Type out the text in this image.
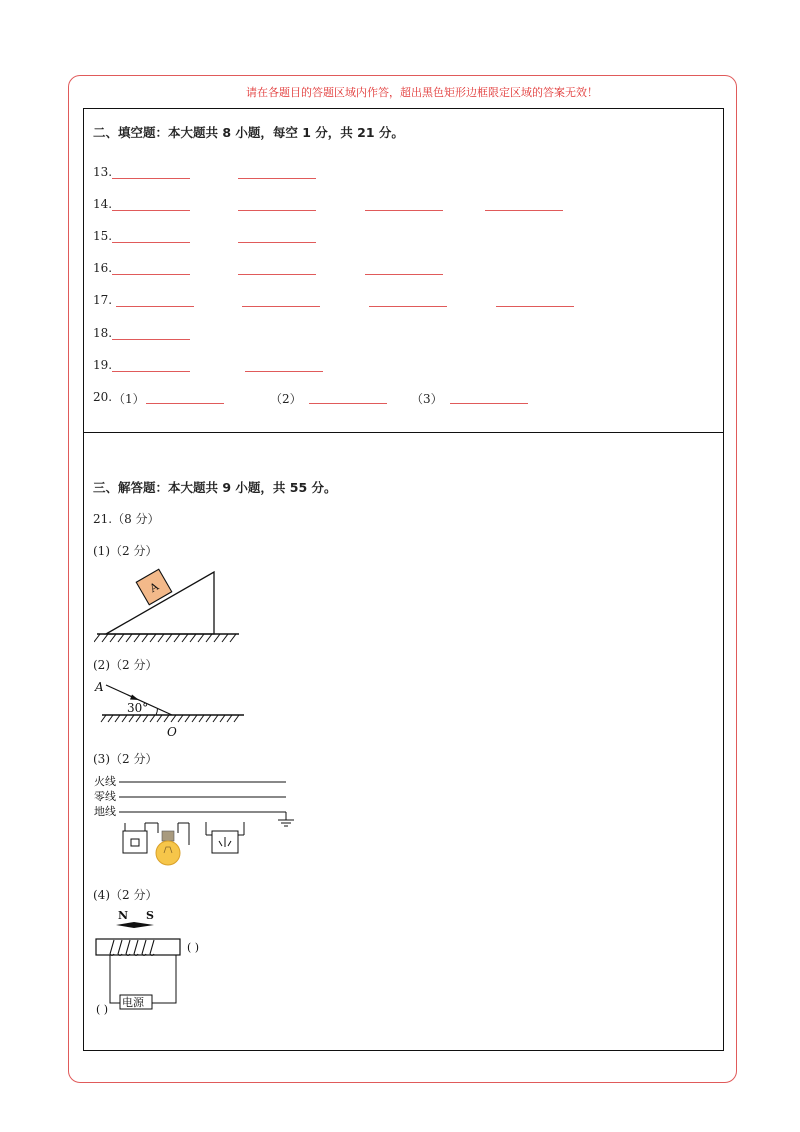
请在各题目的答题区域内作答，超出黑色矩形边框限定区域的答案无效！
二、填空题：本大题共 8 小题，每空 1 分，共 21 分。
13.
14.
15.
16.
17.
18.
19.
20. （1）	（2）	（3）
三、解答题：本大题共 9 小题，共 55 分。
21.（8 分）
(1)（2 分）
A
(2)（2 分）
A
30°
O
(3)（2 分）
火线
零线
地线
(4)（2 分）
N S
( )
电源
( )
